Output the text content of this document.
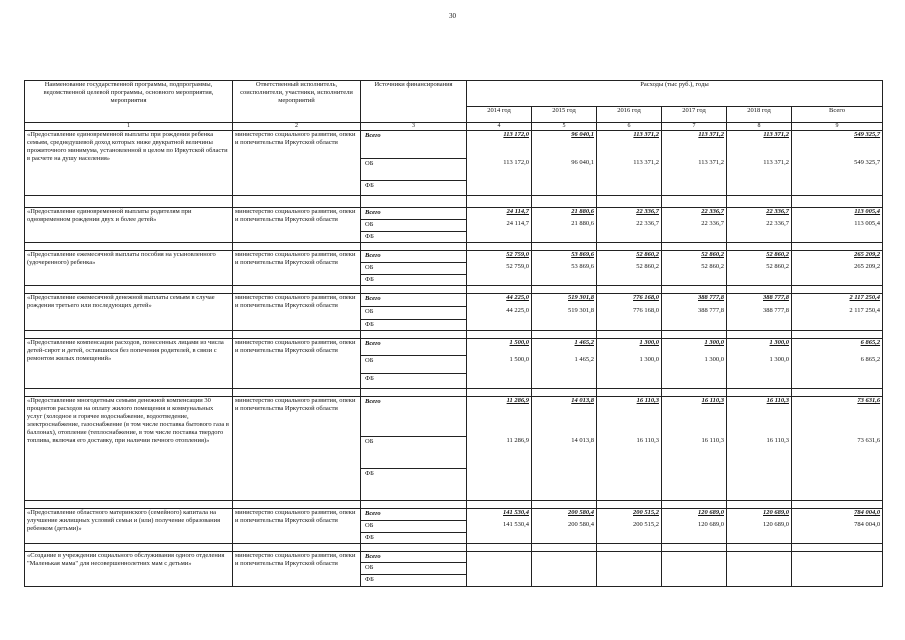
30
Наименование государственной программы, подпрограммы, ведомственной целевой программы, основного мероприятия, мероприятия	Ответственный исполнитель, соисполнители, участники, исполнители мероприятий	Источники финансирования	Расходы (тыс руб.), годы					
			2014 год	2015 год	2016 год	2017 год	2018 год	Всего
1	2	3	4	5	6	7	8	9
«Предоставление единовременной выплаты при рождении ребенка семьям, среднедушевой доход которых ниже двукратной величины прожиточного минимума, установленной в целом по Иркутской области в расчете на душу населения»	министерство социального развития, опеки и попечительства Иркутской области	Всего	113 172,0	96 040,1	113 371,2	113 371,2	113 371,2	549 325,7

		ОБ	113 172,0	96 040,1	113 371,2	113 371,2	113 371,2	549 325,7

		ФБ						

«Предоставление единовременной выплаты родителям при одновременном рождении двух и более детей»	министерство социального развития, опеки и попечительства Иркутской области	Всего	24 114,7	21 880,6	22 336,7	22 336,7	22 336,7	113 005,4

		ОБ	24 114,7	21 880,6	22 336,7	22 336,7	22 336,7	113 005,4

		ФБ						

«Предоставление ежемесячной выплаты пособия на усыновленного (удочеренного) ребенка»	министерство социального развития, опеки и попечительства Иркутской области	Всего	52 759,0	53 869,6	52 860,2	52 860,2	52 860,2	265 209,2

		ОБ	52 759,0	53 869,6	52 860,2	52 860,2	52 860,2	265 209,2

		ФБ						

«Предоставление ежемесячной денежной выплаты семьям в случае рождения третьего или последующих детей»	министерство социального развития, опеки и попечительства Иркутской области	Всего	44 225,0	519 301,8	776 168,0	388 777,8	388 777,8	2 117 250,4

		ОБ	44 225,0	519 301,8	776 168,0	388 777,8	388 777,8	2 117 250,4

		ФБ						

«Предоставление компенсации расходов, понесенных лицами из числа детей-сирот и детей, оставшихся без попечения родителей, в связи с ремонтом жилых помещений»	министерство социального развития, опеки и попечительства Иркутской области	Всего	1 500,0	1 465,2	1 300,0	1 300,0	1 300,0	6 865,2

		ОБ	1 500,0	1 465,2	1 300,0	1 300,0	1 300,0	6 865,2

		ФБ						

«Предоставление многодетным семьям денежной компенсации 30 процентов расходов на оплату жилого помещения и коммунальных услуг (холодное и горячее водоснабжение, водоотведение, электроснабжение, газоснабжение (в том числе поставка бытового газа в баллонах), отопление (теплоснабжение, в том числе поставка твердого топлива, включая его доставку, при наличии печного отопления)»	министерство социального развития, опеки и попечительства Иркутской области	Всего	11 286,9	14 013,8	16 110,3	16 110,3	16 110,3	73 631,6

		ОБ	11 286,9	14 013,8	16 110,3	16 110,3	16 110,3	73 631,6

		ФБ						

«Предоставление областного материнского (семейного) капитала на улучшение жилищных условий семьи и (или) получение образования ребенком (детьми)»	министерство социального развития, опеки и попечительства Иркутской области	Всего	141 530,4	200 580,4	200 515,2	120 689,0	120 689,0	784 004,0

		ОБ	141 530,4	200 580,4	200 515,2	120 689,0	120 689,0	784 004,0

		ФБ						

«Создание в учреждении социального обслуживания одного отделения "Маленькая мама" для несовершеннолетних мам с детьми»	министерство социального развития, опеки и попечительства Иркутской области	Всего						

		ОБ						

		ФБ						
